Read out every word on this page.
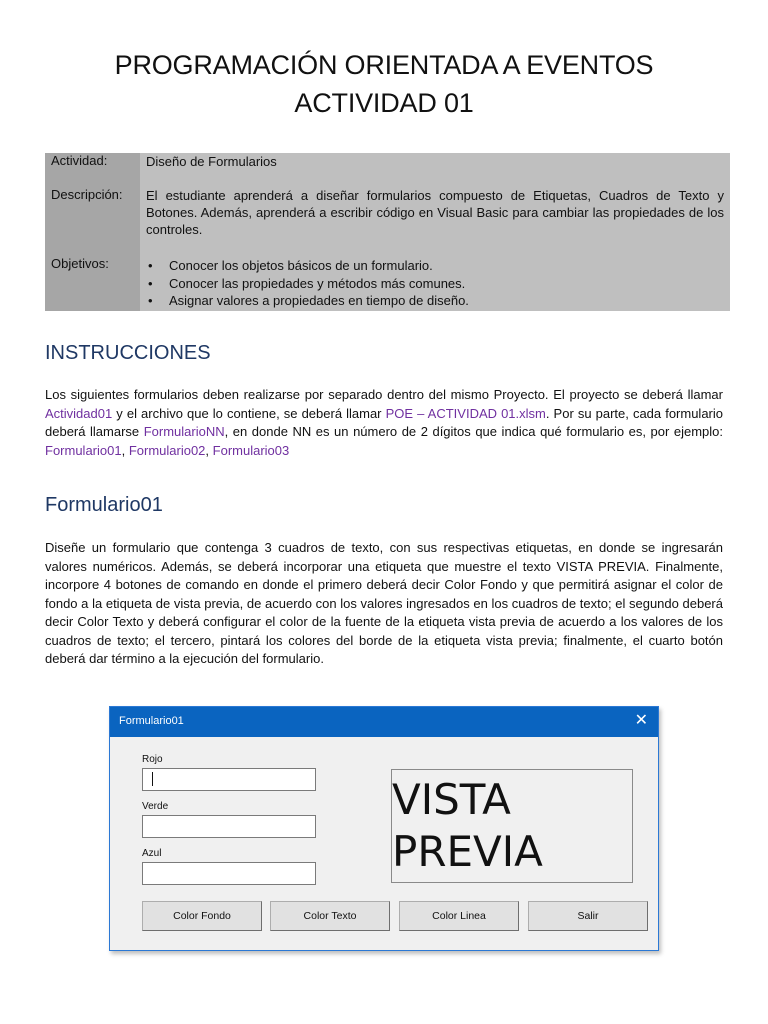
PROGRAMACIÓN ORIENTADA A EVENTOS
ACTIVIDAD 01
Actividad:	Diseño de Formularios
Descripción: El estudiante aprenderá a diseñar formularios compuesto de Etiquetas, Cuadros de Texto y Botones. Además, aprenderá a escribir código en Visual Basic para cambiar las propiedades de los controles.
Objetivos:
•	Conocer los objetos básicos de un formulario.
• Conocer las propiedades y métodos más comunes.
• Asignar valores a propiedades en tiempo de diseño.
INSTRUCCIONES
Los siguientes formularios deben realizarse por separado dentro del mismo Proyecto. El proyecto se deberá llamar Actividad01 y el archivo que lo contiene, se deberá llamar POE – ACTIVIDAD 01.xlsm. Por su parte, cada formulario deberá llamarse FormularioNN, en donde NN es un número de 2 dígitos que indica qué formulario es, por ejemplo: Formulario01, Formulario02, Formulario03
Formulario01
Diseñe un formulario que contenga 3 cuadros de texto, con sus respectivas etiquetas, en donde se ingresarán valores numéricos. Además, se deberá incorporar una etiqueta que muestre el texto VISTA PREVIA. Finalmente, incorpore 4 botones de comando en donde el primero deberá decir Color Fondo y que permitirá asignar el color de fondo a la etiqueta de vista previa, de acuerdo con los valores ingresados en los cuadros de texto; el segundo deberá decir Color Texto y deberá configurar el color de la fuente de la etiqueta vista previa de acuerdo a los valores de los cuadros de texto; el tercero, pintará los colores del borde de la etiqueta vista previa; finalmente, el cuarto botón deberá dar término a la ejecución del formulario.
Formulario01	✕
Rojo
Verde
Azul
VISTA
PREVIA
Color Fondo	Color Texto	Color Linea	Salir
